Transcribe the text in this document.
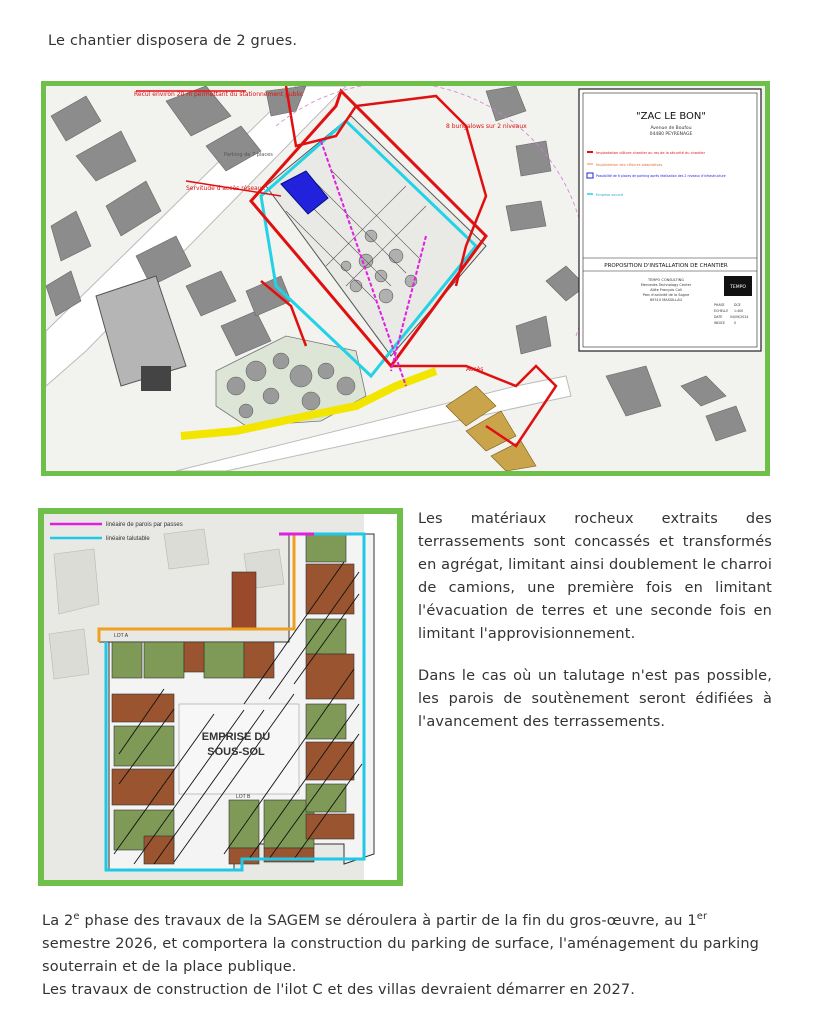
Le chantier disposera de 2 grues.

Recul environ 20 m permettant du stationnement public
8 bungalows sur 2 niveaux
Parking de 7 places
Servitude d'accès réseaux
Accès
"ZAC LE BON"
Avenue de Boufou
04480 PEYRENAGE
Implantation clôture chantier au ras de la sécurité du chantier
Implantation des clôtures adaptatives
Possibilité de 6 places de parking après réalisation des 2 niveaux d'infrastructure
Emprise accord
PROPOSITION D'INSTALLATION DE CHANTIER
TEMPO CONSULTING
Mercedes Technology Center
Allée François Coll
Parc d'activité de la Sagne
69310 MASSILLAU
TEMPO
PHASE	DCE
ECHELLE 1:400
DATE 04/09/2024
INDICE	0
linéaire de parois par passes
linéaire talutable
EMPRISE DU
SOUS-SOL
LOT A
LOT B

Les matériaux rocheux extraits des terrassements sont concassés et transformés en agrégat, limitant ainsi doublement le charroi de camions, une première fois en limitant l'évacuation de terres et une seconde fois en limitant l'approvisionnement.

Dans le cas où un talutage n'est pas possible, les parois de soutènement seront édifiées à l'avancement des terrassements.

La 2e phase des travaux de la SAGEM se déroulera à partir de la fin du gros-œuvre, au 1er semestre 2026, et comportera la construction du parking de surface, l'aménagement du parking souterrain et de la place publique.

Les travaux de construction de l'ilot C et des villas devraient démarrer en 2027.
